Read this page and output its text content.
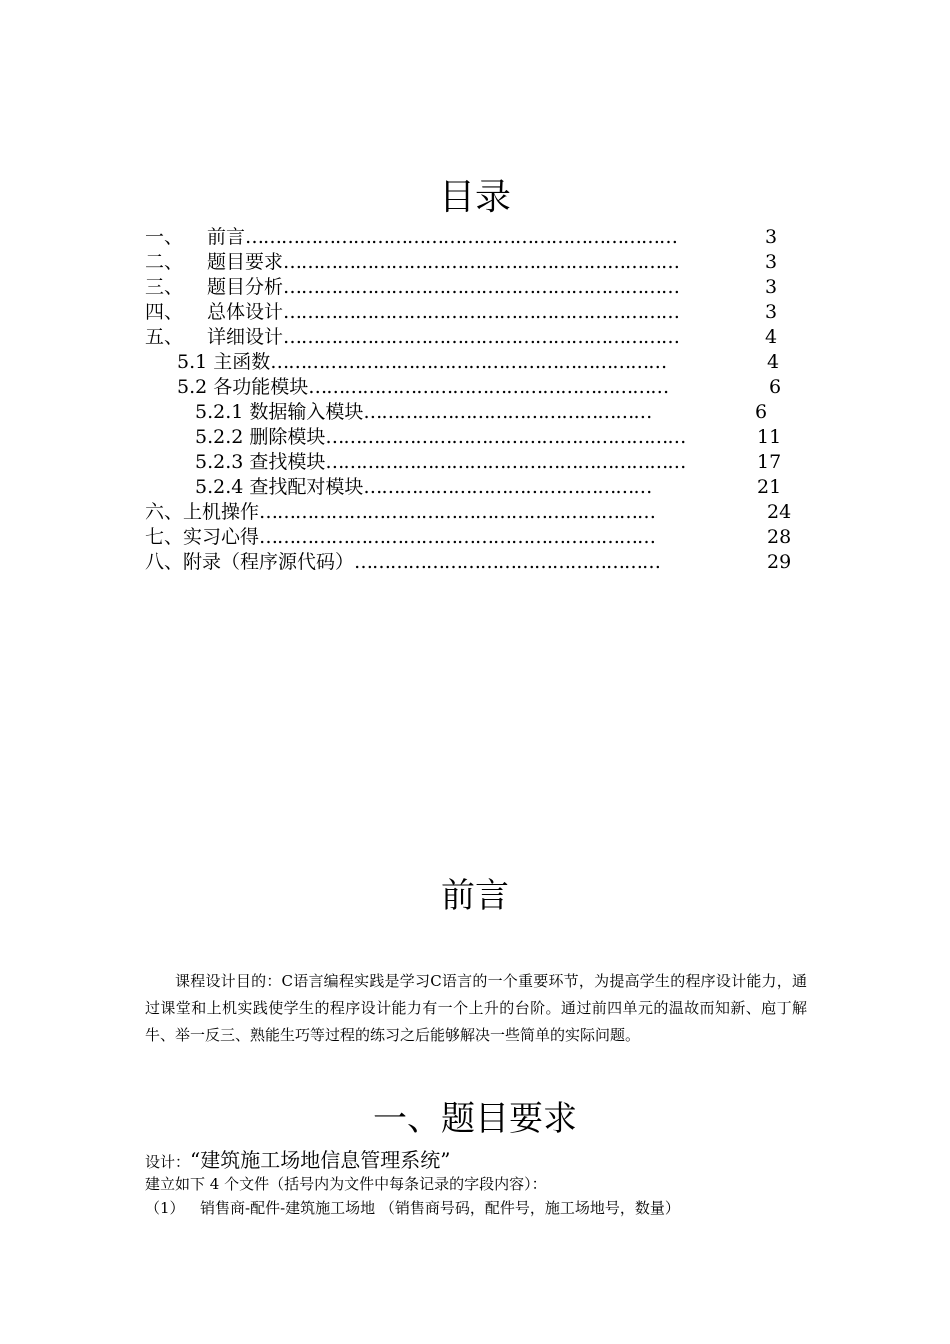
目录
一、 前言………………………………………………………………	3
二、 题目要求…………………………………………………………	3
三、 题目分析…………………………………………………………	3
四、 总体设计…………………………………………………………	3
五、 详细设计…………………………………………………………	4
5.1 主函数…………………………………………………………	4
5.2 各功能模块……………………………………………………	6
5.2.1 数据输入模块…………………………………………	6
5.2.2 删除模块……………………………………………………	11
5.2.3 查找模块……………………………………………………	17
5.2.4 查找配对模块…………………………………………	21
六、上机操作…………………………………………………………	24
七、实习心得…………………………………………………………	28
八、附录（程序源代码）……………………………………………	29
前言
课程设计目的：C语言编程实践是学习C语言的一个重要环节，为提高学生的程序设计能力，通过课堂和上机实践使学生的程序设计能力有一个上升的台阶。通过前四单元的温故而知新、庖丁解牛、举一反三、熟能生巧等过程的练习之后能够解决一些简单的实际问题。
一、题目要求
设计：“建筑施工场地信息管理系统”
建立如下 4 个文件（括号内为文件中每条记录的字段内容）：
（1） 销售商-配件-建筑施工场地 （销售商号码，配件号，施工场地号，数量）
